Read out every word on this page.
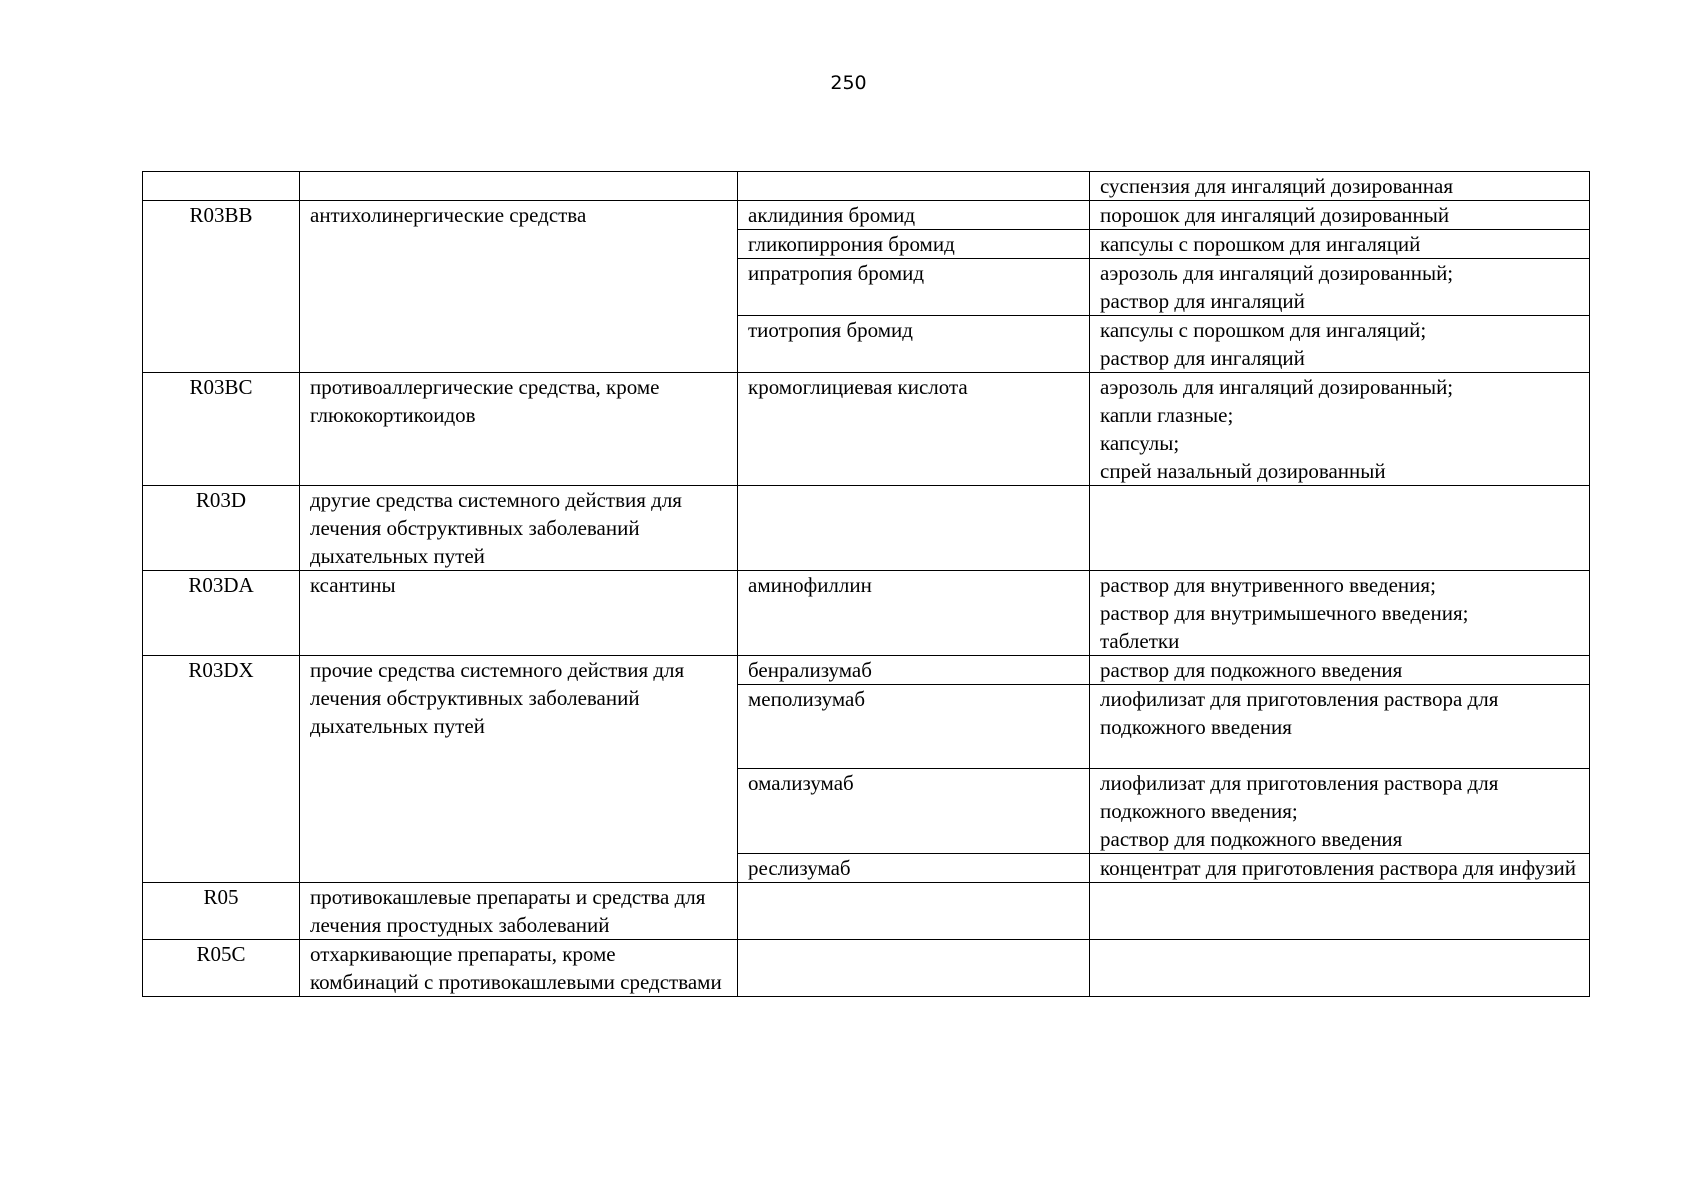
250

			суспензия для ингаляций дозированная

R03BB	антихолинергические средства	аклидиния бромид	порошок для ингаляций дозированный

		гликопиррония бромид	капсулы с порошком для ингаляций

		ипратропия бромид	аэрозоль для ингаляций дозированный;
раствор для ингаляций

		тиотропия бромид	капсулы с порошком для ингаляций;
раствор для ингаляций

R03BC	противоаллергические средства, кроме глюкокортикоидов	кромоглициевая кислота	аэрозоль для ингаляций дозированный;
капли глазные;
капсулы;
спрей назальный дозированный

R03D	другие средства системного действия для лечения обструктивных заболеваний дыхательных путей		
R03DA	ксантины	аминофиллин	раствор для внутривенного введения;
раствор для внутримышечного введения;
таблетки

R03DX	прочие средства системного действия для лечения обструктивных заболеваний дыхательных путей	бенрализумаб	раствор для подкожного введения

		меполизумаб	лиофилизат для приготовления раствора для подкожного введения

		омализумаб	лиофилизат для приготовления раствора для подкожного введения;
раствор для подкожного введения

		реслизумаб	концентрат для приготовления раствора для инфузий

R05	противокашлевые препараты и средства для лечения простудных заболеваний		
R05C	отхаркивающие препараты, кроме комбинаций с противокашлевыми средствами		
